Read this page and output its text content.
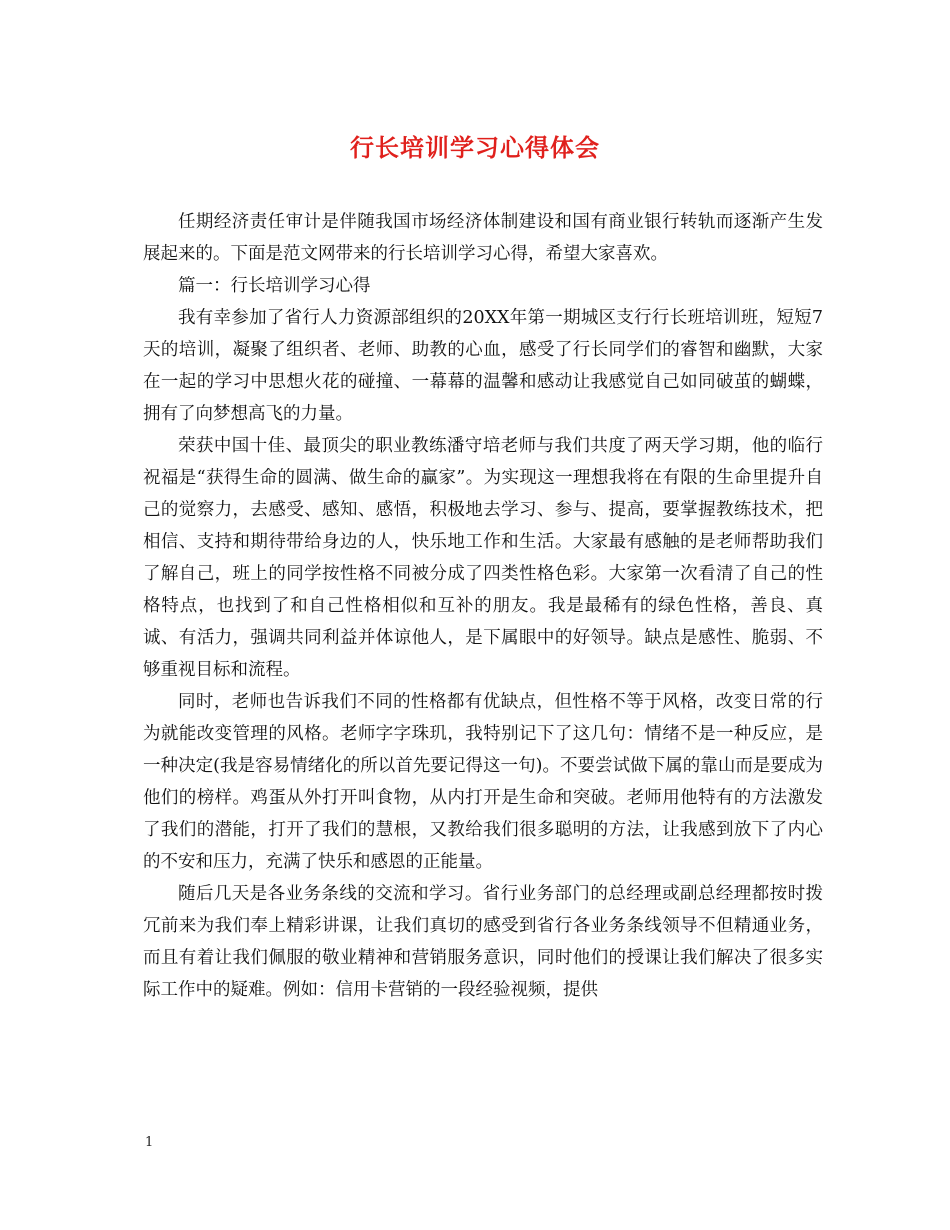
行长培训学习心得体会

任期经济责任审计是伴随我国市场经济体制建设和国有商业银行转轨而逐渐产生发展起来的。下面是范文网带来的行长培训学习心得，希望大家喜欢。

篇一：行长培训学习心得

我有幸参加了省行人力资源部组织的20XX年第一期城区支行行长班培训班，短短7天的培训，凝聚了组织者、老师、助教的心血，感受了行长同学们的睿智和幽默，大家在一起的学习中思想火花的碰撞、一幕幕的温馨和感动让我感觉自己如同破茧的蝴蝶，拥有了向梦想高飞的力量。

荣获中国十佳、最顶尖的职业教练潘守培老师与我们共度了两天学习期，他的临行祝福是“获得生命的圆满、做生命的赢家”。为实现这一理想我将在有限的生命里提升自己的觉察力，去感受、感知、感悟，积极地去学习、参与、提高，要掌握教练技术，把相信、支持和期待带给身边的人，快乐地工作和生活。大家最有感触的是老师帮助我们了解自己，班上的同学按性格不同被分成了四类性格色彩。大家第一次看清了自己的性格特点，也找到了和自己性格相似和互补的朋友。我是最稀有的绿色性格，善良、真诚、有活力，强调共同利益并体谅他人，是下属眼中的好领导。缺点是感性、脆弱、不够重视目标和流程。

同时，老师也告诉我们不同的性格都有优缺点，但性格不等于风格，改变日常的行为就能改变管理的风格。老师字字珠玑，我特别记下了这几句：情绪不是一种反应，是一种决定(我是容易情绪化的所以首先要记得这一句)。不要尝试做下属的靠山而是要成为他们的榜样。鸡蛋从外打开叫食物，从内打开是生命和突破。老师用他特有的方法激发了我们的潜能，打开了我们的慧根，又教给我们很多聪明的方法，让我感到放下了内心的不安和压力，充满了快乐和感恩的正能量。

随后几天是各业务条线的交流和学习。省行业务部门的总经理或副总经理都按时拨冗前来为我们奉上精彩讲课，让我们真切的感受到省行各业务条线领导不但精通业务，而且有着让我们佩服的敬业精神和营销服务意识，同时他们的授课让我们解决了很多实际工作中的疑难。例如：信用卡营销的一段经验视频，提供

1
